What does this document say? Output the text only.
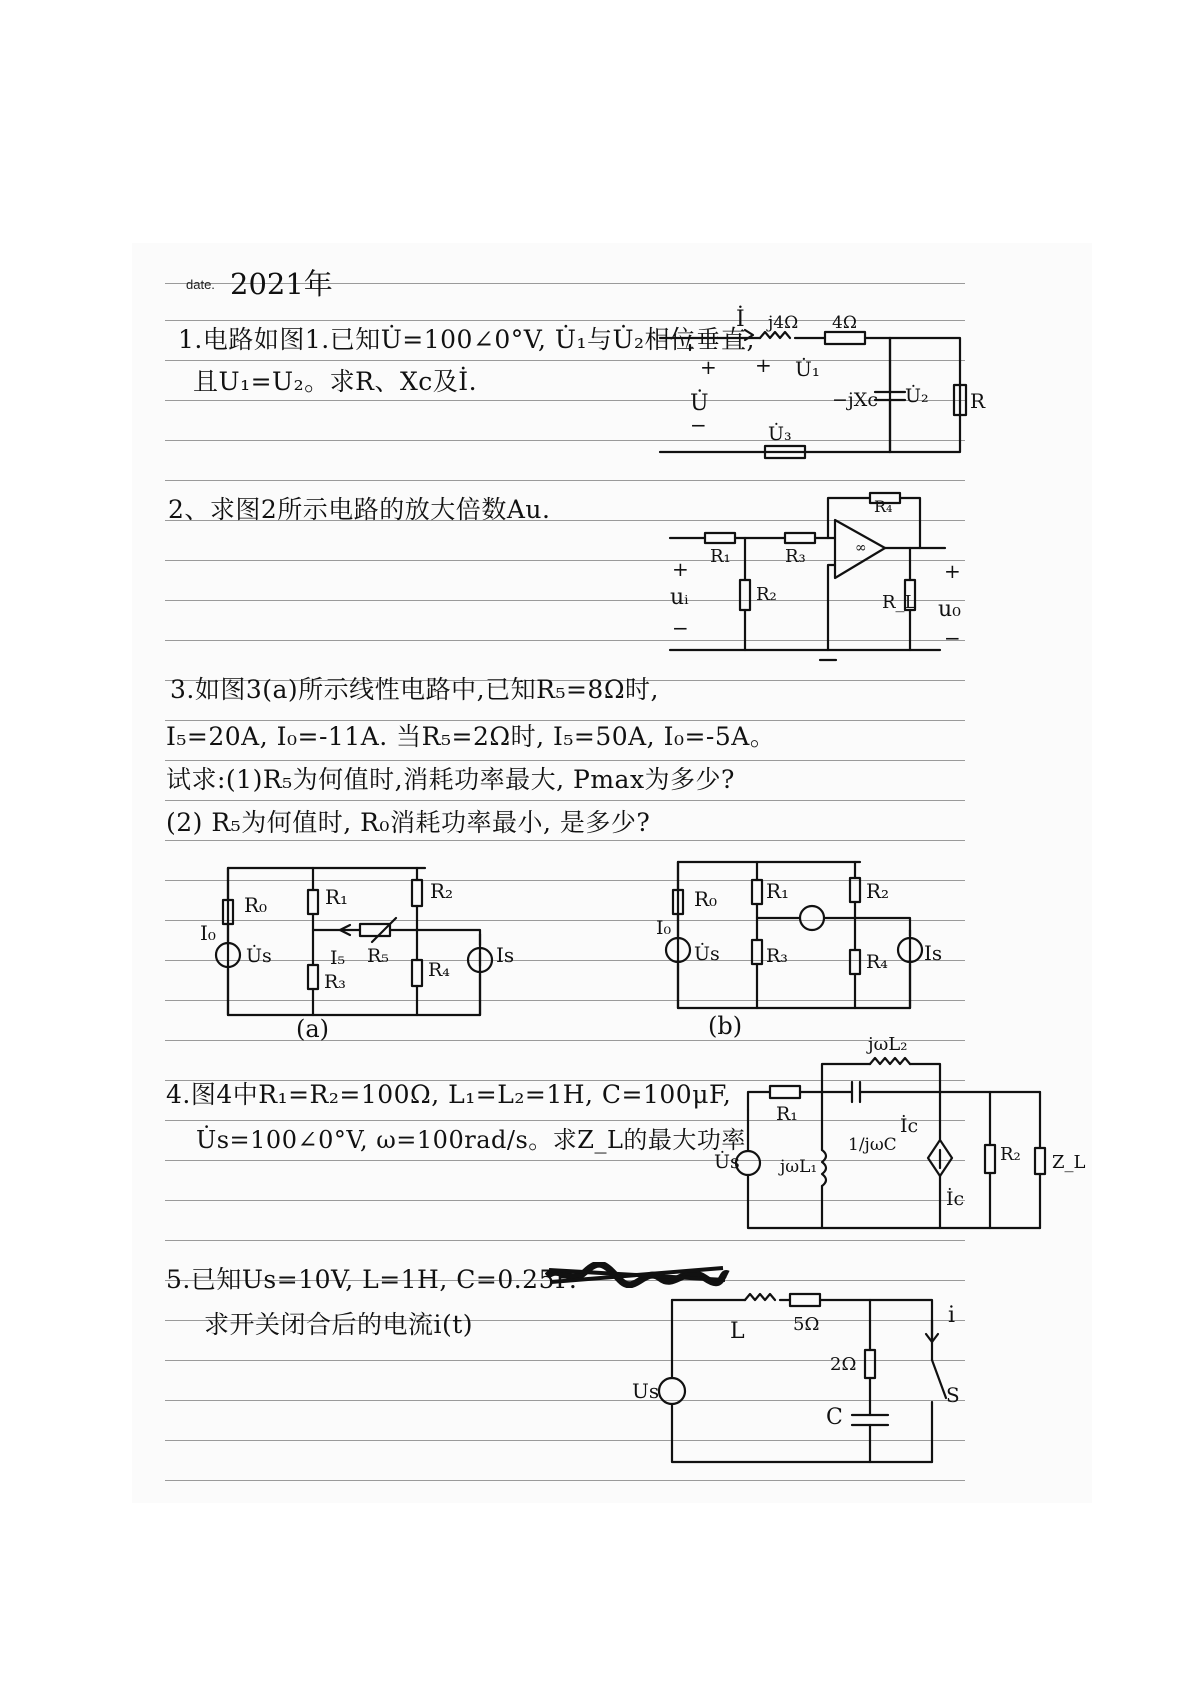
date. 2021年
1.电路如图1.已知U̇=100∠0°V, U̇₁与U̇₂相位垂直,
且U₁=U₂。求R、Xc及İ.
2、求图2所示电路的放大倍数Au.
3.如图3(a)所示线性电路中,已知R₅=8Ω时,
I₅=20A, I₀=-11A. 当R₅=2Ω时, I₅=50A, I₀=-5A。
试求:(1)R₅为何值时,消耗功率最大, Pmax为多少?
(2) R₅为何值时, R₀消耗功率最小, 是多少?
4.图4中R₁=R₂=100Ω, L₁=L₂=1H, C=100μF,
U̇s=100∠0°V, ω=100rad/s。求Z_L的最大功率
5.已知Us=10V, L=1H, C=0.25F.
求开关闭合后的电流i(t)
(a)	(b)
İ j4Ω 4Ω
+ U̇₁
+
U̇
−
−jXc U̇₂ R
U̇₃
R₄
R₁	R₃	∞
+
uᵢ
−
R₂	R_L
+
u₀
−
R₀	R₁	R₂
I₀
U̇s	I₅ R₅
R₃
R₄
Is
R₀ R₁	R₂
I₀
U̇s R₃	R₄ Is
jωL₂
R₁
1/jωC
İc
U̇s jωL₁
İc
R₂ Z_L
L	5Ω	i
2Ω
Us	S
C
